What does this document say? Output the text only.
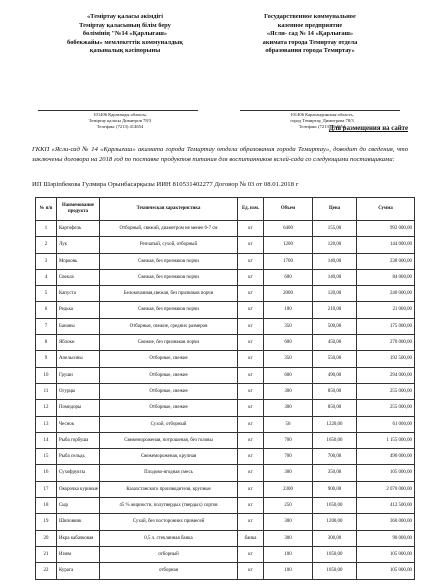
«Теміртау қаласы әкімдігі
Теміртау қаласының білім беру
бөлімінің "№14 «Қарлығаш»
бөбекжайы» мемлекеттік коммуналдық
қазыналық кәсіпорыны
Государственное коммунальное
казенное предприятие
«Ясли- сад № 14 «Қарлығаш»
акимата города Темиртау отдела
образования города Темиртау»
101406 Қарағанды облысы,
Теміртау қаласы Димитров 78/3
Телефакс (7213) 414654
101406 Карагандинская область,
город Темиртау, Димитрова 78/3
Телефакс (7213) 414654
Для размещения на сайте
ГККП «Ясли-сад № 14 «Қарлығаш» акимата города Темиртау отдела образования города Темиртау», доводит до сведения, что заключены договора на 2018 год по поставке продуктов питания для воспитанников яслей-сада со следующими поставщиками:
ИП Шәріпбекова Гулмира Орынбасарқызы ИИН 810531402277 Договор № 03 от 08.01.2018 г
№ п/п	Наименование продукта	Техническая характеристика	Ед. изм.	Объем	Цена	Сумма
1	Картофель	Отборный, свежий, диаметром не менее 6-7 см	кг	6400	155,00	992 000,00
2	Лук	Репчатый, сухой, отборный	кг	1200	120,00	144 000,00
3	Морковь	Свежая, без признаков порчи	кг	1700	140,00	238 000,00
4	Свекла	Свежая, без признаков порчи	кг	600	140,00	84 000,00
5	Капуста	Белокочанная,свежая, без признаков порчи	кг	2000	120,00	240 000,00
6	Редька	Свежая, без признаков порчи	кг	100	210,00	21 000,00
7	Бананы	Отборные, свежие, средних размеров	кг	350	500,00	175 000,00
8	Яблоки	Свежие, без признаков порчи	кг	600	450,00	270 000,00
9	Апельсины	Отборные, свежие	кг	350	550,00	192 500,00
10	Груши	Отборные, свежие	кг	600	490,00	294 000,00
11	Огурцы	Отборные, свежие	кг	300	850,00	255 000,00
12	Помидоры	Отборные, свежие	кг	300	850,00	255 000,00
13	Чеснок	Сухой, отборный	кг	50	1220,00	61 000,00
14	Рыба горбуша	Свежемороженая, потрошеная, без головы	кг	700	1650,00	1 155 000,00
15	Рыба сельдь	Свежемороженая, крупная	кг	700	700,00	490 000,00
16	Сухофрукты	Плодово-ягодная смесь	кг	300	350,00	105 000,00
17	Окорочка куриные	Казахстанского производителя, крупные	кг	2300	900,00	2 070 000,00
18	Сыр	45 % жирности, полутвердых (твердых) сортов	кг	250	1650,00	412 500,00
19	Шиповник	Сухой, без посторонних примесей	кг	300	1200,00	360 000,00
20	Икра кабачковая	0,5 л. стеклянная банка	банка	300	300,00	90 000,00
21	Изюм	отборный	кг	100	1050,00	105 000,00
22	Курага	отборная	кг	100	1050,00	105 000,00
